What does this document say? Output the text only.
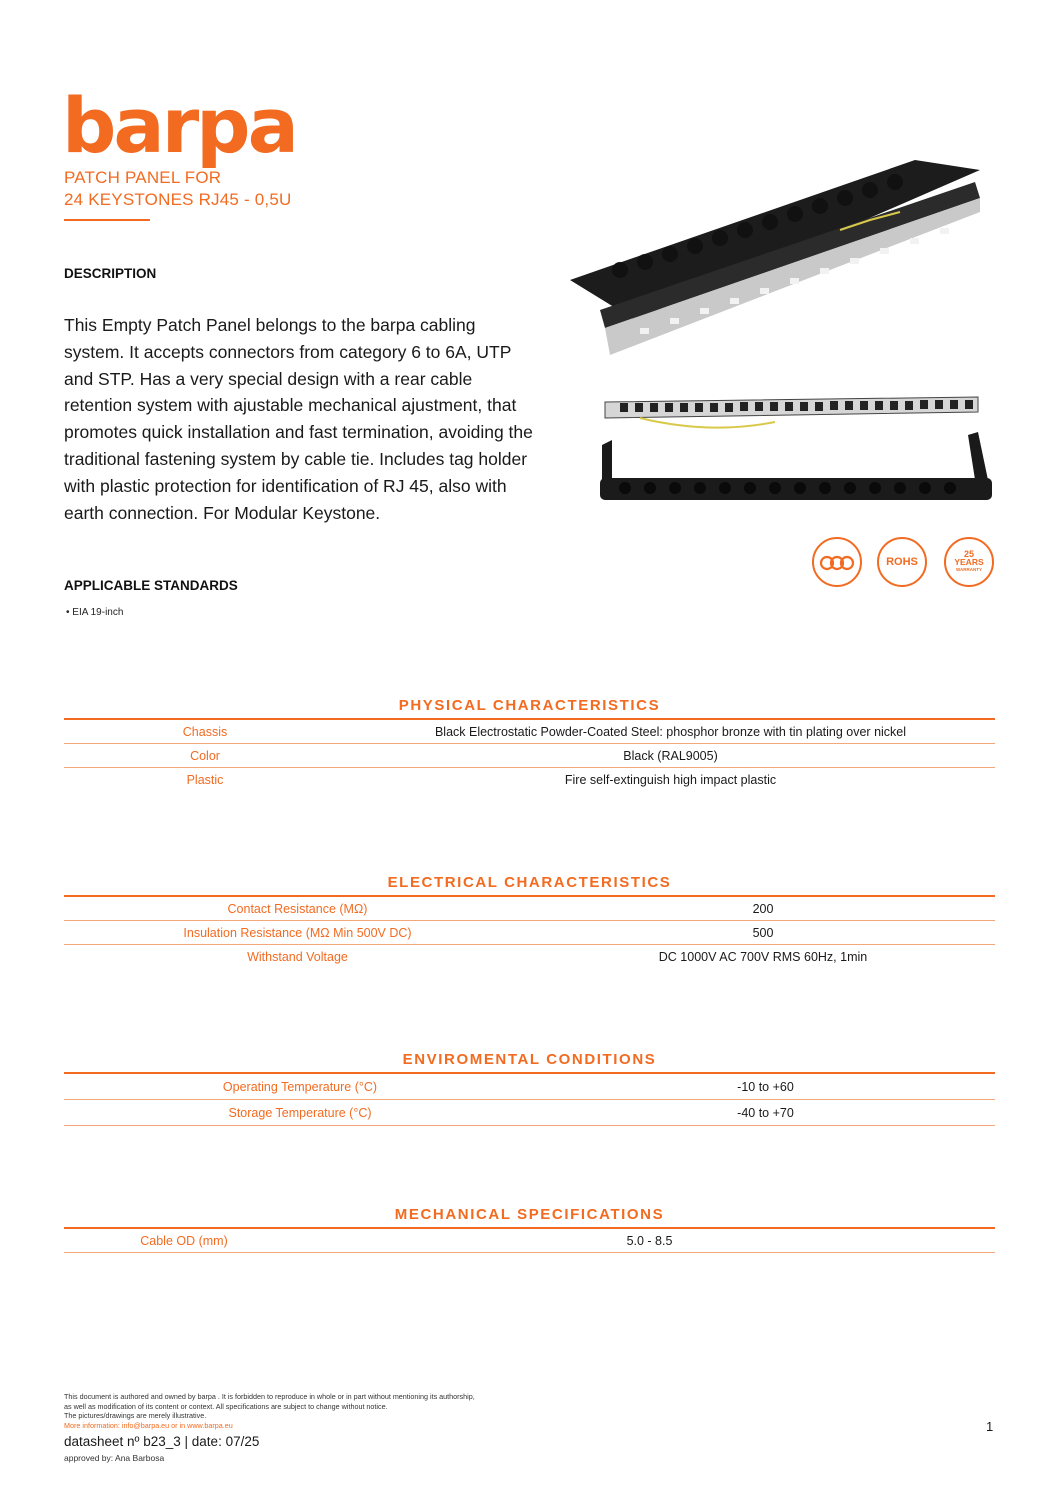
barpa
PATCH PANEL FOR
24 KEYSTONES RJ45 - 0,5U
DESCRIPTION
This Empty Patch Panel belongs to the barpa cabling system. It accepts connectors from category 6 to 6A, UTP and STP. Has a very special design with a rear cable retention system with ajustable mechanical ajustment, that promotes quick installation and fast termination, avoiding the traditional fastening system by cable tie. Includes tag holder with plastic protection for identification of RJ 45, also with earth connection. For Modular Keystone.
APPLICABLE STANDARDS
• EIA 19-inch
ROHS
25
YEARS
WARRANTY
PHYSICAL CHARACTERISTICS
Chassis	Black Electrostatic Powder-Coated Steel: phosphor bronze with tin plating over nickel
Color	Black (RAL9005)
Plastic	Fire self-extinguish high impact plastic
ELECTRICAL CHARACTERISTICS
Contact Resistance (MΩ)	200
Insulation Resistance (MΩ Min 500V DC)	500
Withstand Voltage	DC 1000V AC 700V RMS 60Hz, 1min
ENVIROMENTAL CONDITIONS
Operating Temperature (°C)	-10 to +60
Storage Temperature (°C)	-40 to +70
MECHANICAL SPECIFICATIONS
Cable OD (mm)	5.0 - 8.5
This document is authored and owned by barpa . It is forbidden to reproduce in whole or in part without mentioning its authorship,
as well as modification of its content or context. All specifications are subject to change without notice.
The pictures/drawings are merely illustrative.
More information: info@barpa.eu or in www.barpa.eu
datasheet nº b23_3 | date: 07/25
approved by: Ana Barbosa
1
